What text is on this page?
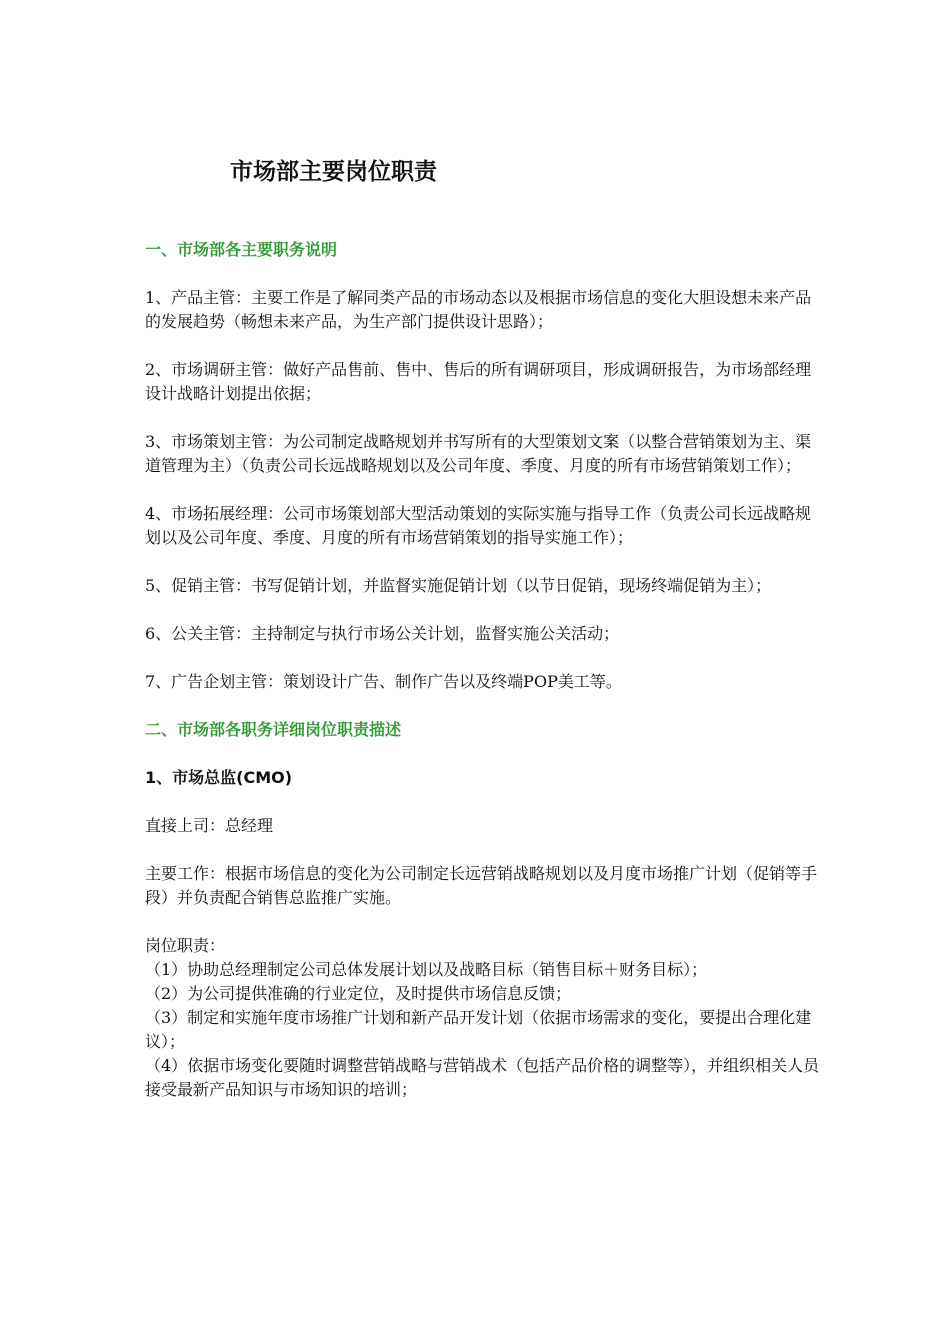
市场部主要岗位职责
一、市场部各主要职务说明

1、产品主管：主要工作是了解同类产品的市场动态以及根据市场信息的变化大胆设想未来产品的发展趋势（畅想未来产品，为生产部门提供设计思路）；

2、市场调研主管：做好产品售前、售中、售后的所有调研项目，形成调研报告，为市场部经理设计战略计划提出依据；

3、市场策划主管：为公司制定战略规划并书写所有的大型策划文案（以整合营销策划为主、渠道管理为主）（负责公司长远战略规划以及公司年度、季度、月度的所有市场营销策划工作）；

4、市场拓展经理：公司市场策划部大型活动策划的实际实施与指导工作（负责公司长远战略规划以及公司年度、季度、月度的所有市场营销策划的指导实施工作）；

5、促销主管：书写促销计划，并监督实施促销计划（以节日促销，现场终端促销为主）；

6、公关主管：主持制定与执行市场公关计划，监督实施公关活动；

7、广告企划主管：策划设计广告、制作广告以及终端POP美工等。

二、市场部各职务详细岗位职责描述
1、市场总监(CMO)

直接上司：总经理

主要工作：根据市场信息的变化为公司制定长远营销战略规划以及月度市场推广计划（促销等手段）并负责配合销售总监推广实施。

岗位职责：
（1）协助总经理制定公司总体发展计划以及战略目标（销售目标＋财务目标）；
（2）为公司提供准确的行业定位，及时提供市场信息反馈；
（3）制定和实施年度市场推广计划和新产品开发计划（依据市场需求的变化，要提出合理化建议）；
（4）依据市场变化要随时调整营销战略与营销战术（包括产品价格的调整等），并组织相关人员接受最新产品知识与市场知识的培训；
